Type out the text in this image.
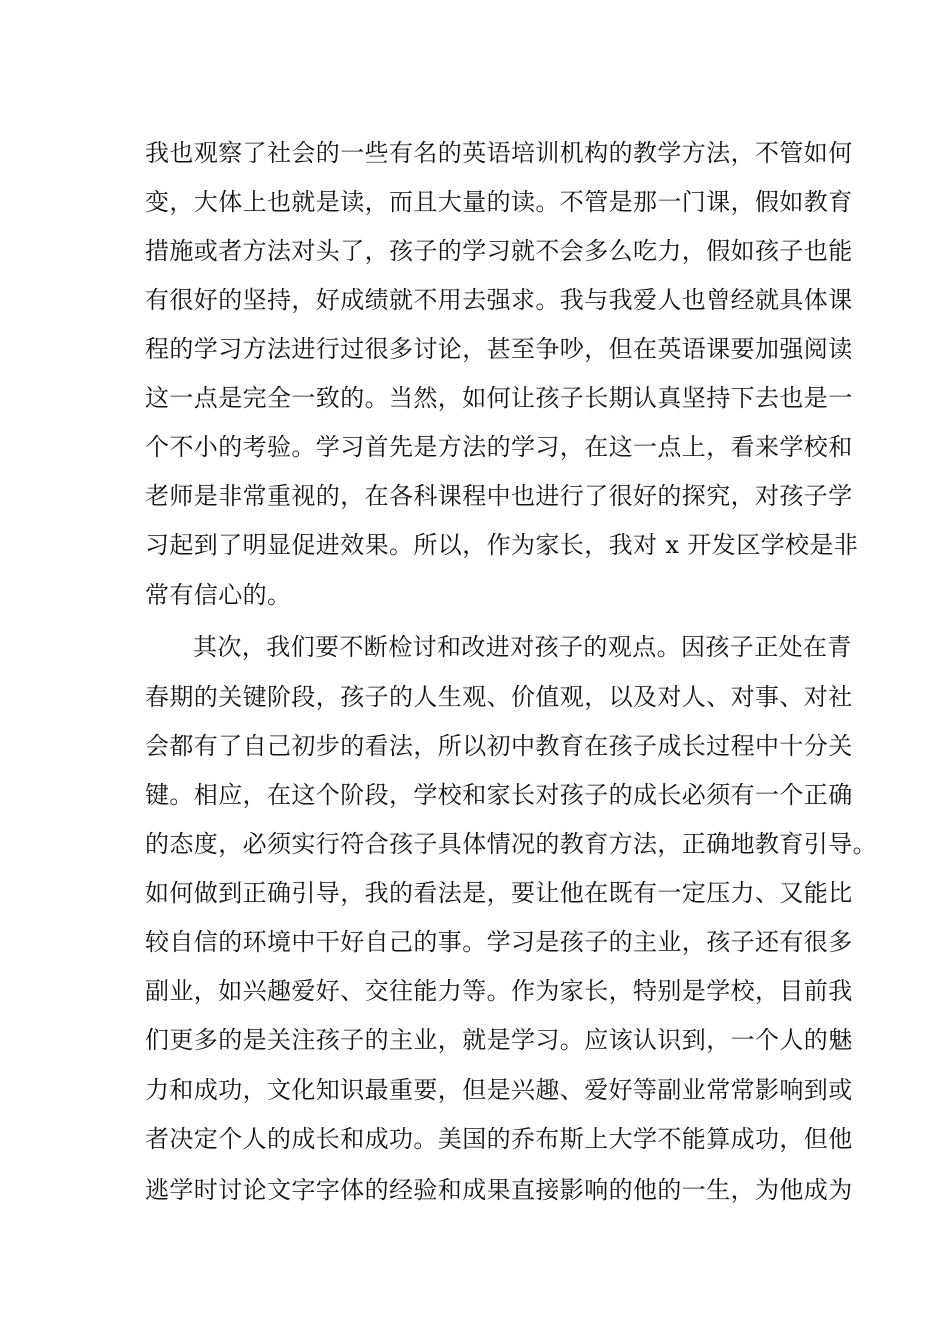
我也观察了社会的一些有名的英语培训机构的教学方法，不管如何
变，大体上也就是读，而且大量的读。不管是那一门课，假如教育
措施或者方法对头了，孩子的学习就不会多么吃力，假如孩子也能
有很好的坚持，好成绩就不用去强求。我与我爱人也曾经就具体课
程的学习方法进行过很多讨论，甚至争吵，但在英语课要加强阅读
这一点是完全一致的。当然，如何让孩子长期认真坚持下去也是一
个不小的考验。学习首先是方法的学习，在这一点上，看来学校和
老师是非常重视的，在各科课程中也进行了很好的探究，对孩子学
习起到了明显促进效果。所以，作为家长，我对 x 开发区学校是非
常有信心的。
其次，我们要不断检讨和改进对孩子的观点。因孩子正处在青
春期的关键阶段，孩子的人生观、价值观，以及对人、对事、对社
会都有了自己初步的看法，所以初中教育在孩子成长过程中十分关
键。相应，在这个阶段，学校和家长对孩子的成长必须有一个正确
的态度，必须实行符合孩子具体情况的教育方法，正确地教育引导。
如何做到正确引导，我的看法是，要让他在既有一定压力、又能比
较自信的环境中干好自己的事。学习是孩子的主业，孩子还有很多
副业，如兴趣爱好、交往能力等。作为家长，特别是学校，目前我
们更多的是关注孩子的主业，就是学习。应该认识到，一个人的魅
力和成功，文化知识最重要，但是兴趣、爱好等副业常常影响到或
者决定个人的成长和成功。美国的乔布斯上大学不能算成功，但他
逃学时讨论文字字体的经验和成果直接影响的他的一生，为他成为
